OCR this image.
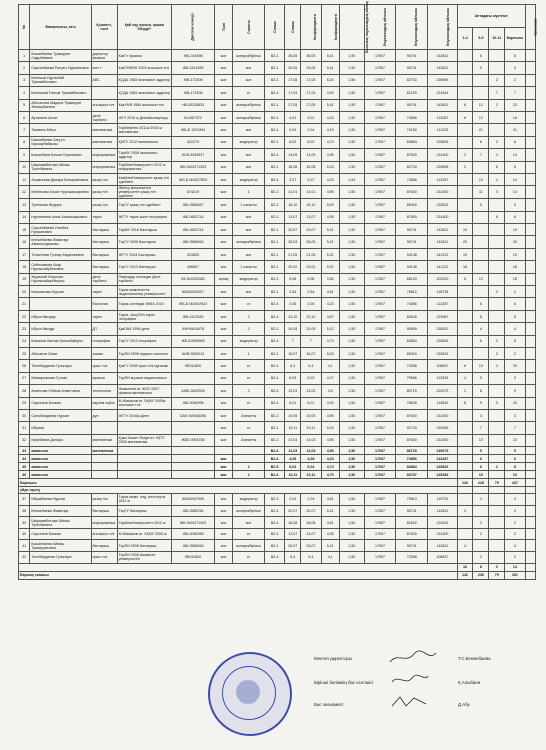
№	Фамилиясы, аты	Қызметі, пәні	Қай оқу орнын, қашан бітірді?	Диплом номері	Пәні	Санаты	Стажы	Стажы	Коэффициенті	Коэффициенті	Базалық лауазымдық айлық	Лауазымдық айлығы	Лауазымдық айлығы	Лауазымдық айлығы	Аптадағы жүктеме				Қосымша
															1-4	5-9	10-11	Барлығы	
1	Кошанбаева Туякмурат Садыбаевна	директор физика	КазГУ физика	ЖБ-014698	жоғ	жоғары/бірінші	В2-1	36,05	36,05	5,41	1,90	17697	95741	143811		6		8	
2	Сарсенбаева Ралуют Нуржановна	шет т.	КазПУМИЯ 2003 агылшын тілі	ЖБ-0414289	жоғ	жоғ	В2-1	20,05	20,05	5,41	1,90	17697	95741	143811		9		9	
3	Кенешов Нурлыбай Туякамбекович	АВС	ҚСДА 1983 экономист-аудитор	ЖВ-172408	жоғ	жоғ	В2-1	17,08	17,08	5,24	1,56	17697	82733	139896			2	2	
4	Кенешева Ғалым Туякамбекович		ҚСДА 1983 экономист-аудитор	ЖВ-172408	жоғ	ст	В2-4	17,04	17,04	4,59	1,50	17697	61229	121644			7	7	
5	Айтчанова Мадина Туякмурат Жанықбаевна	агылшын тілі	КазУМЯ 1984 агылшын тілі	НВ-00230833	жоғ	жоғары/бірінші	В2-1	27,05	27,05	5,41	1,90	17697	95741	143811	6	12	2	23	
6	Ауталиев Асхат	дене тәрбиесі	ЖГУ 2016 ж ДенеШынықтыру	№1067372	жоғ	жоғары/бірінші	В2-4	4,01	4,01	4,23	1,50	17697	74856	112287	6	12		18	
7	Тамкина Айгул	математика	ТарМемУни 2011ж 2016 ж математика	ЖБ-Б 1201994	жоғ	жоғ	В2-4	2,04	2,04	4,19	1,50	17697	74150	111225		21		21	
8	Шаскибаева Сеңгүл Қаржаубайқызы	математика	ҚМТУ 2012 математика	422279	жоғ	модератор	В2-1	8,02	8,02	4,74	1,90	17697	83884	125826		6	2	8	
9	Кошанбаев Бекзат Ералиевич	информатика	ТарМУ 2008 экономист-аудитор	КОБ-0345937	жоғ	жоғ	В2-4	14,09	14,09	4,95	1,50	17697	87600	131400	2	7	4	13	
10	Шырмамбетова Айнаш Тугелбаевна	информатика	ТарМемУниверситет 2012 ж информатика	ЖБ №00271003	жоғ	жоғ	В2-1	18,08	18,08	5,24	1,50	17697	82733	139896	2		6	8	
11	Агымсеева Динара Батырхановна	қазақ тілі	КазМемУниверситет қазақ тілі әдебиеті	ЖБ-Б №0037503	жоғ	модератор	В2-4	3,07	3,07	4,23	1,64	17697	74856	112287		10	4	14	
12	Кенбекова Лазат Нурлыаскаровна	қазақ тілі	Жетісу мемлекеттік университеті қазақ тілі әдебиеті	874219	жоғ	1	В2-2	14,01	14,01	4,95	1,50	17697	87600	131400		11	3	14	
13	Тугелкова Индира	қазақ тілі	ТарГУ қазақ тілі әдебиеті	ЖБ-0566087	жоғ	1 санатты	В2-2	16,10	16,10	5,03	1,50	17697	89016	133524		5		5	
14	Нургалиева Алия Асанкызаровна	тарих	ЖГТУ тарих және география	ЖБ-0687214	жоғ	жоғ	В2-2	13,07	13,07	4,95	1,50	17697	87600	131400			6	6	
15	Сарсенбаева Уланбек Нуржанович	бастауыш	ТарМУ 2016 Бастауыш	ЖБ-0687214	жоғ	жоғ	В2-1	20,07	20,07	5,41	1,50	17697	95741	143811	19			19	
16	Кенжебаева Жамилуа Аманкелдыкызы	бастауыш	ТарГУ 2006 Бастауыш	ЖБ-0566816	жоғ	жоғары/бірінші	В2-1	28,03	28,03	5,41	1,50	17697	95741	143811	20			20	
17	Тохметова Гүлнар Мадениевна	бастауыш	ЖГТУ 2004 Бастауыш	323653	жоғ	жоғ	В2-1	21,05	21,05	5,32	1,50	17697	94148	141222	19			19	
18	Сейлхамова Асар Нурлыкайрбековна	бастауыш	ТарГУ 2013 бастауыш	496807	жоғ	1 санатты	В2-1	20,02	20,02	5,32	1,50	17697	94148	141222	18			18	
19	Жұмыхай Бекуткан Нурлыкайырбекулы	дене тәрбиесі	Павлодар колледжі Дене тәрбиесі	КБ №0392082	арнау	модератор	В3-3	9,08	9,08	3,85	1,50	17697	68133	102200	6	12		18	
20	Кошманова Нурсая	тарих	Тараз мемлекеттік педагогикалық университеті	ЖБА0049307	жоғ	жоғ	В2-1	2,54	2,54	4,61	1,50	17697	78812	118728			2	2	
21		биология	Тараз колледжі ЛИКА 2019	ЖБ-Б №0002922	жоғ	ст	В2-4	2,05	2,05	4,23	1,50	17697	74856	112287		6		6	
22	Ибуса Мөлдир	тарих	Тарих -Алқ2004 тарих география	ЖБ-0423330	жоғ	2	В2-4	23,10	23,10	4,67	1,50	17697	82645	123967		8		8	
23	Ибуса Мөлдір	ДТ	ҚазГАМ 1998 дене	АНН0615478	жоғ	2	В2-2	20,09	20,09	5,12	1,50	17697	90609	135913		4		4	
24	Кошанов Бағлан Қонысбайұлы	география	ТарГУ 2013 география	ЖБ-Б0559905	жоғ	модератор	В2-4	7	7	4,74	1,50	17697	83884	125826		6	2	8	
25	Айтчанов Лазат	химия	ТарПИ 2008 педагог-психолог	АНВ 0053113	жоғ	1	В2-2	16,07	16,07	5,03	1,50	17697	89016	133524			2	2	
26	Толебердиева Гульнара	орыс тілі	ҚазГУ 2008 орыс тілі мұғалімі	SB011800	жоғ	ст	В2-4	6,4	6,4	4,1	1,50	17697	72558	108837	6	15	4	25	
27	Мамырханова Гүлсім	музыка	ТарПИ музыка педагогикасы		жоғ	ст	В2-4	5,03	5,03	4,27	1,50	17697	75566	113349	4	5		9	
28	Ахметова Улбала Ахметовна	технология	Жәмкенов ат. ЖОУ 2007 физика-математика	АЖБ-0622945	жоғ	2	В2-5	13,03	13,03	4,5	1,50	17697	80715	120073	1	8		9	
29	Сарсенов Бекжан	көркем еңбек	М.Жазыков ат. ОҚМУ 2005ж агылшын тілі	ЖБ-0084996	жоғ	ст	В2-4	6,01	6,01	4,33	1,50	17697	76628	114642	8	9	3	20	
30	Сатыбалдиева Нурсан	дүн	ЖГТУ 2016ж Дене	DAS №0046398	жоғ	2санатты	В2-2	10,05	10,05	4,95	1,50	17697	87600	131400		3		3	
31	Ибраев				жоғ	ст	В2-1	19,11	19,11	5,24	1,50	17697	92733	139096		7		7	
32	Кумсбаева Динара	математика	Қожа Ахмет Ясауи ат. ХҚТУ 2006 математика	ЖББ 0004758	жоғ	2санатты	В2-2	14,03	14,03	4,95	1,50	17697	87600	131400		10		10	
33	вакансия	математика					В2-4	12,03	12,03	4,95	1,50	17697	86715	130073		5		5	
34	вакансия				жоғ		В2-4	4,08	4,08	4,23	1,50	17697	74856	112287		6		6	
35	вакансия				жоғ	2	В2-5	6,04	6,04	4,74	1,50	17697	83884	125826		6	2	8	
36	вакансия				жоғ	2	В2-4	10,11	10,11	4,70	1,50	17697	83757	125383		10		10	
Барлығы															126	228	79	437	
үйде оқыту																			
37	Ибрайбаева Нурсая	қазақ тілі	Тараз мемл. пед. институты 2011 ж	ЖБА0047905	жоғ	модератор	В2-3	2,04	2,04	4,61	1,50	17697	79813	119720		4		4	
38	Кенжебаева Жамилуа	бастауыш	ТарГУ бастауыш	ЖБ-0566784	жоғ	жоғары/бірінші	В2-4	20,07	20,07	5,41	1,50	17697	95741	143811	4			4	
39	Шырмамбетова Айнаш Тугелбаевна	информатика	ТарМемУниверситет 2012 ж	ЖБ №00271003	жоғ	жоғ	В2-4	18,08	18,08	4,61	1,50	17697	81602	122402		2		2	
40	Сарсенов Бекжан	агылшын тілі	М.Жазыков ат. ОҚМУ 2005 ж	ЖБ-0084996	жоғ	ст	В2-4	13,07	13,07	4,95	1,50	17697	87600	131400		2		2	
41	Кошанбаева Айнаш Туякмуратовна	бастауыш	ТарПИ 2008 бастауыш	ЖБ-0566816	жоғ	жоғары/бірінші	В2-1	26,07	26,07	5,41	1,50	17697	95741	143811	4			4	
42	Толебердиева Гульнара	орыс тілі	ТарПИ 2008 Шымкент университеті	SB011800	жоғ	ст	В2-4	6,4	6,4	4,1	1,50	17697	72558	108837		2		2	
															16	8	0	14	
Барлық сомасы															142	236	79	451	
Мектеп директоры	Т.С.Кенжебаева
Бірінші бөлімнің бас есепшісі	Қ.Алыбаев
Бас экономист	Д.Абу
